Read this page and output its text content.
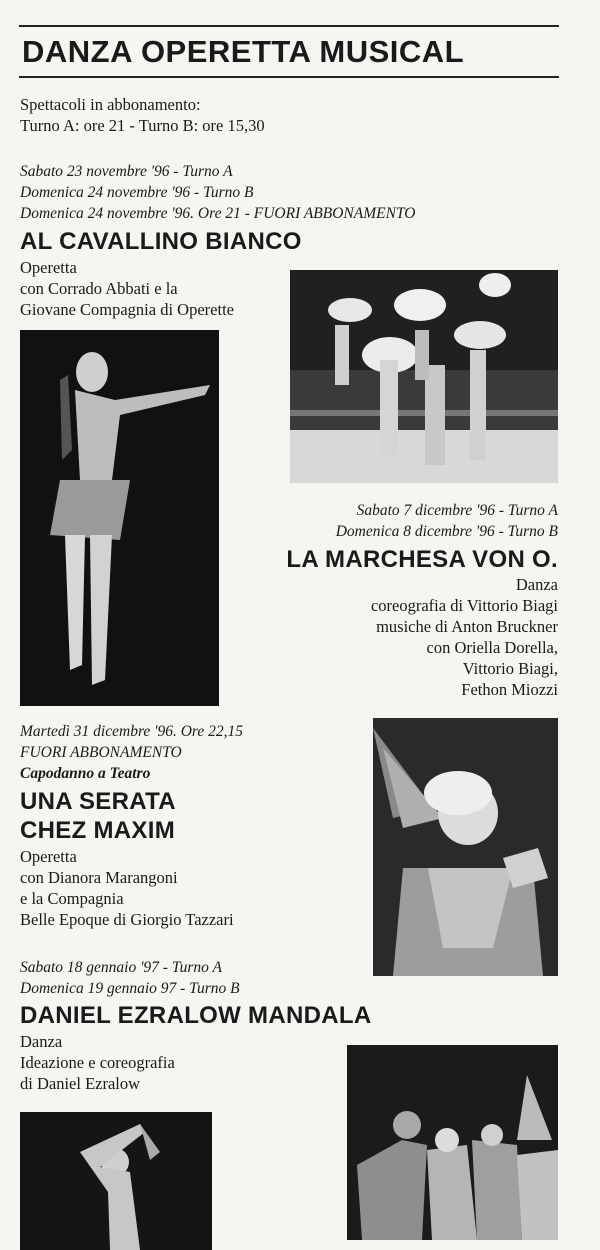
DANZA OPERETTA MUSICAL
Spettacoli in abbonamento:
Turno A: ore 21 - Turno B: ore 15,30
Sabato 23 novembre '96 - Turno A
Domenica 24 novembre '96 - Turno B
Domenica 24 novembre '96. Ore 21 - FUORI ABBONAMENTO
AL CAVALLINO BIANCO
Operetta
con Corrado Abbati e la
Giovane Compagnia di Operette
Sabato 7 dicembre '96 - Turno A
Domenica 8 dicembre '96 - Turno B
LA MARCHESA VON O.
Danza
coreografia di Vittorio Biagi
musiche di Anton Bruckner
con Oriella Dorella,
Vittorio Biagi,
Fethon Miozzi
Martedì 31 dicembre '96. Ore 22,15
FUORI ABBONAMENTO
Capodanno a Teatro
UNA SERATA
CHEZ MAXIM
Operetta
con Dianora Marangoni
e la Compagnia
Belle Epoque di Giorgio Tazzari
Sabato 18 gennaio '97 - Turno A
Domenica 19 gennaio 97 - Turno B
DANIEL EZRALOW MANDALA
Danza
Ideazione e coreografia
di Daniel Ezralow
